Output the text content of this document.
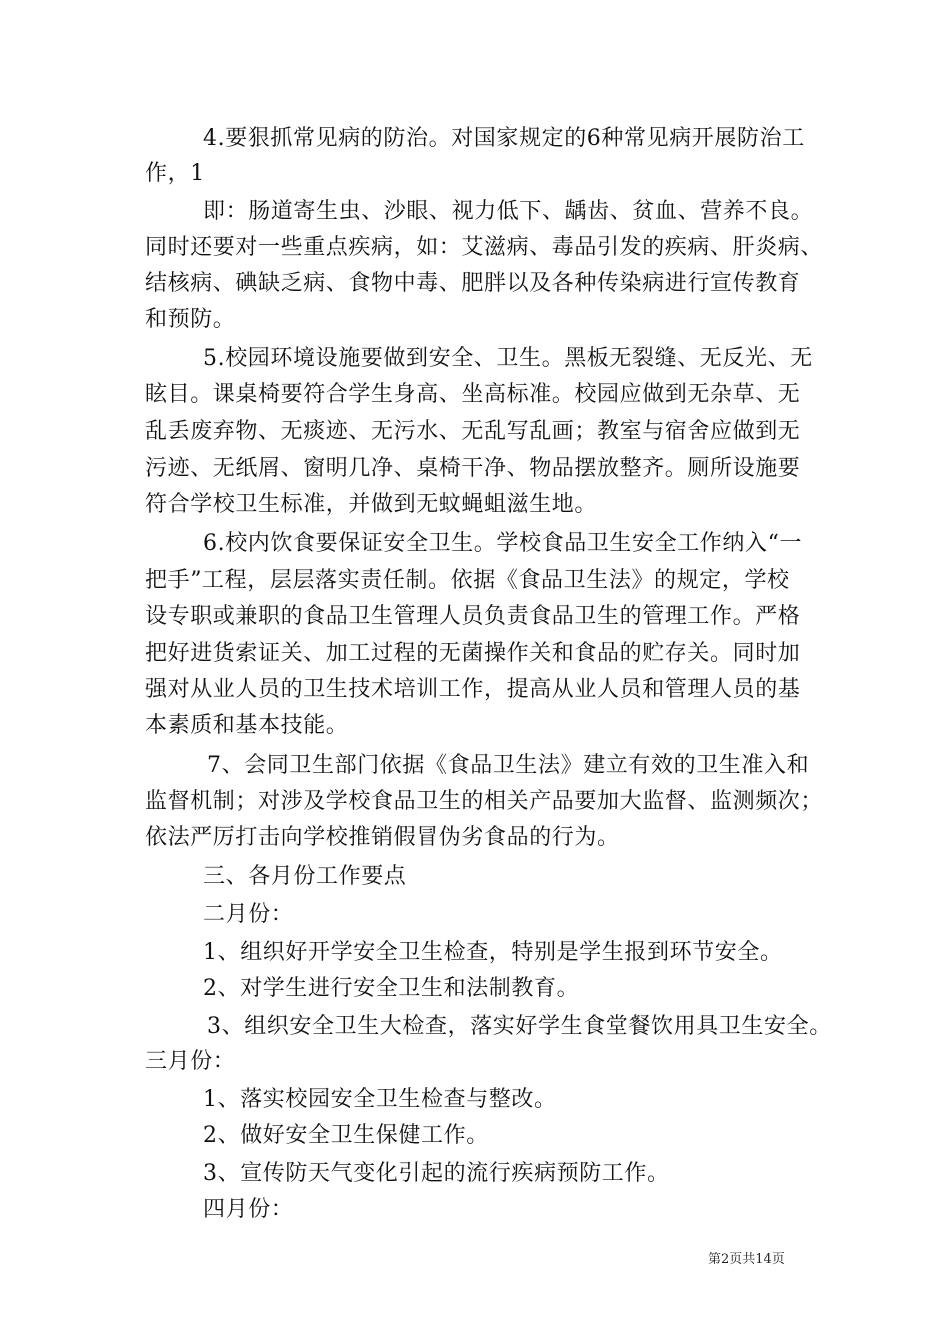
4.要狠抓常见病的防治。对国家规定的6种常见病开展防治工
作，1
即：肠道寄生虫、沙眼、视力低下、龋齿、贫血、营养不良。
同时还要对一些重点疾病，如：艾滋病、毒品引发的疾病、肝炎病、
结核病、碘缺乏病、食物中毒、肥胖以及各种传染病进行宣传教育
和预防。
5.校园环境设施要做到安全、卫生。黑板无裂缝、无反光、无
眩目。课桌椅要符合学生身高、坐高标准。校园应做到无杂草、无
乱丢废弃物、无痰迹、无污水、无乱写乱画；教室与宿舍应做到无
污迹、无纸屑、窗明几净、桌椅干净、物品摆放整齐。厕所设施要
符合学校卫生标准，并做到无蚊蝇蛆滋生地。
6.校内饮食要保证安全卫生。学校食品卫生安全工作纳入“一
把手”工程，层层落实责任制。依据《食品卫生法》的规定，学校
设专职或兼职的食品卫生管理人员负责食品卫生的管理工作。严格
把好进货索证关、加工过程的无菌操作关和食品的贮存关。同时加
强对从业人员的卫生技术培训工作，提高从业人员和管理人员的基
本素质和基本技能。
7、会同卫生部门依据《食品卫生法》建立有效的卫生准入和
监督机制；对涉及学校食品卫生的相关产品要加大监督、监测频次；
依法严厉打击向学校推销假冒伪劣食品的行为。
三、各月份工作要点
二月份：
1、组织好开学安全卫生检查，特别是学生报到环节安全。
2、对学生进行安全卫生和法制教育。
3、组织安全卫生大检查，落实好学生食堂餐饮用具卫生安全。
三月份：
1、落实校园安全卫生检查与整改。
2、做好安全卫生保健工作。
3、宣传防天气变化引起的流行疾病预防工作。
四月份：
第2页共14页
